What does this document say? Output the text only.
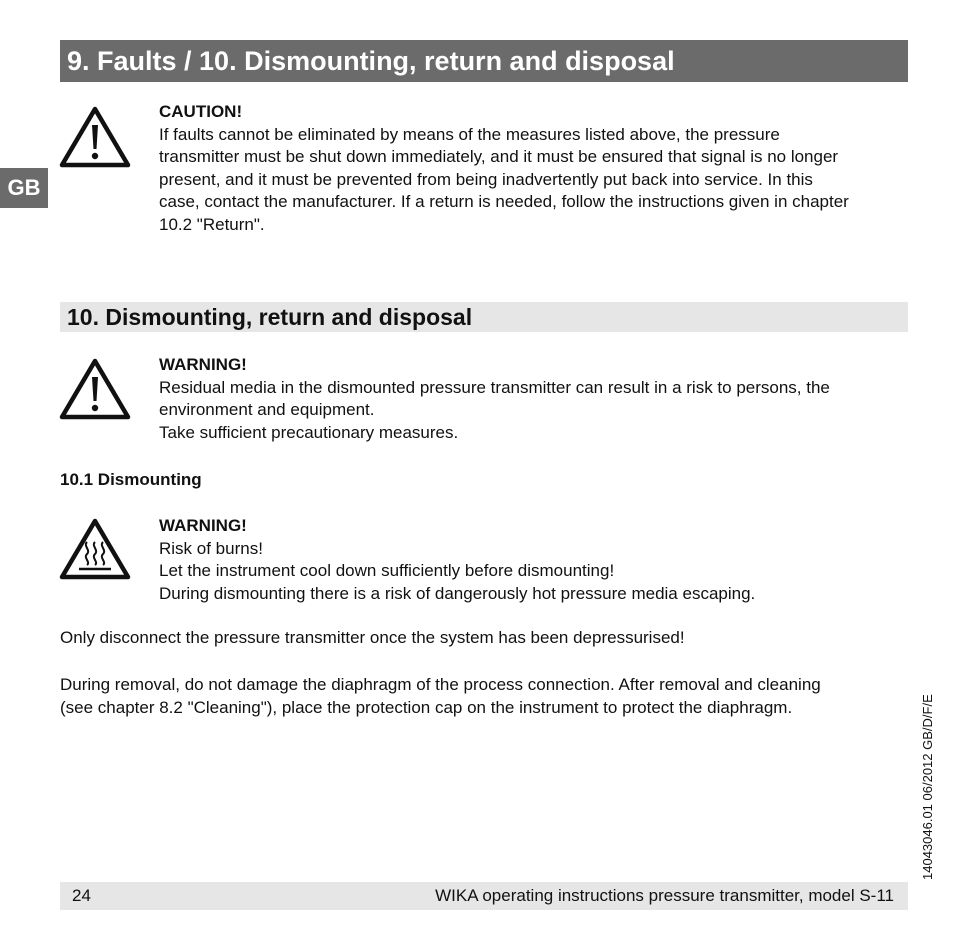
9. Faults / 10. Dismounting, return and disposal
GB
CAUTION!
If faults cannot be eliminated by means of the measures listed above, the pressure
transmitter must be shut down immediately, and it must be ensured that signal is no longer
present, and it must be prevented from being inadvertently put back into service. In this
case, contact the manufacturer. If a return is needed, follow the instructions given in chapter
10.2 "Return".
10. Dismounting, return and disposal
WARNING!
Residual media in the dismounted pressure transmitter can result in a risk to persons, the
environment and equipment.
Take sufficient precautionary measures.
10.1 Dismounting
WARNING!
Risk of burns!
Let the instrument cool down sufficiently before dismounting!
During dismounting there is a risk of dangerously hot pressure media escaping.
Only disconnect the pressure transmitter once the system has been depressurised!
During removal, do not damage the diaphragm of the process connection. After removal and cleaning
(see chapter 8.2 "Cleaning"), place the protection cap on the instrument to protect the diaphragm.	14043046.01 06/2012 GB/D/F/E
24	WIKA operating instructions pressure transmitter, model S-11
